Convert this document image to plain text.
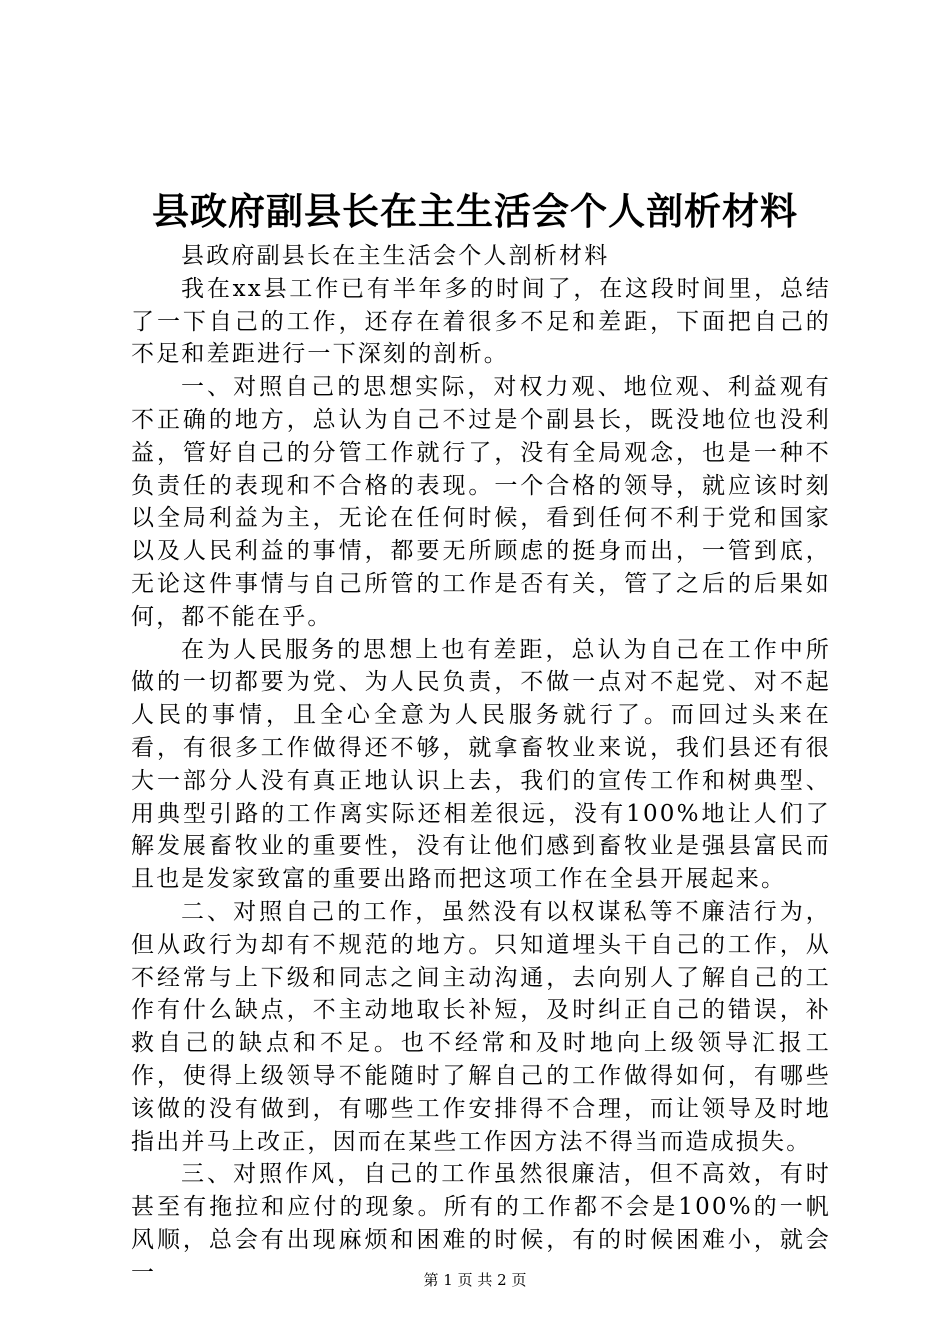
县政府副县长在主生活会个人剖析材料

县政府副县长在主生活会个人剖析材料

我在xx县工作已有半年多的时间了，在这段时间里，总结了一下自己的工作，还存在着很多不足和差距，下面把自己的不足和差距进行一下深刻的剖析。

一、对照自己的思想实际，对权力观、地位观、利益观有不正确的地方，总认为自己不过是个副县长，既没地位也没利益，管好自己的分管工作就行了，没有全局观念，也是一种不负责任的表现和不合格的表现。一个合格的领导，就应该时刻以全局利益为主，无论在任何时候，看到任何不利于党和国家以及人民利益的事情，都要无所顾虑的挺身而出，一管到底，无论这件事情与自己所管的工作是否有关，管了之后的后果如何，都不能在乎。

在为人民服务的思想上也有差距，总认为自己在工作中所做的一切都要为党、为人民负责，不做一点对不起党、对不起人民的事情，且全心全意为人民服务就行了。而回过头来在看，有很多工作做得还不够，就拿畜牧业来说，我们县还有很大一部分人没有真正地认识上去，我们的宣传工作和树典型、用典型引路的工作离实际还相差很远，没有100%地让人们了解发展畜牧业的重要性，没有让他们感到畜牧业是强县富民而且也是发家致富的重要出路而把这项工作在全县开展起来。

二、对照自己的工作，虽然没有以权谋私等不廉洁行为，但从政行为却有不规范的地方。只知道埋头干自己的工作，从不经常与上下级和同志之间主动沟通，去向别人了解自己的工作有什么缺点，不主动地取长补短，及时纠正自己的错误，补救自己的缺点和不足。也不经常和及时地向上级领导汇报工作，使得上级领导不能随时了解自己的工作做得如何，有哪些该做的没有做到，有哪些工作安排得不合理，而让领导及时地指出并马上改正，因而在某些工作因方法不得当而造成损失。

三、对照作风，自己的工作虽然很廉洁，但不高效，有时甚至有拖拉和应付的现象。所有的工作都不会是100%的一帆风顺，总会有出现麻烦和困难的时候，有的时候困难小，就会一	第 1 页 共 2 页
